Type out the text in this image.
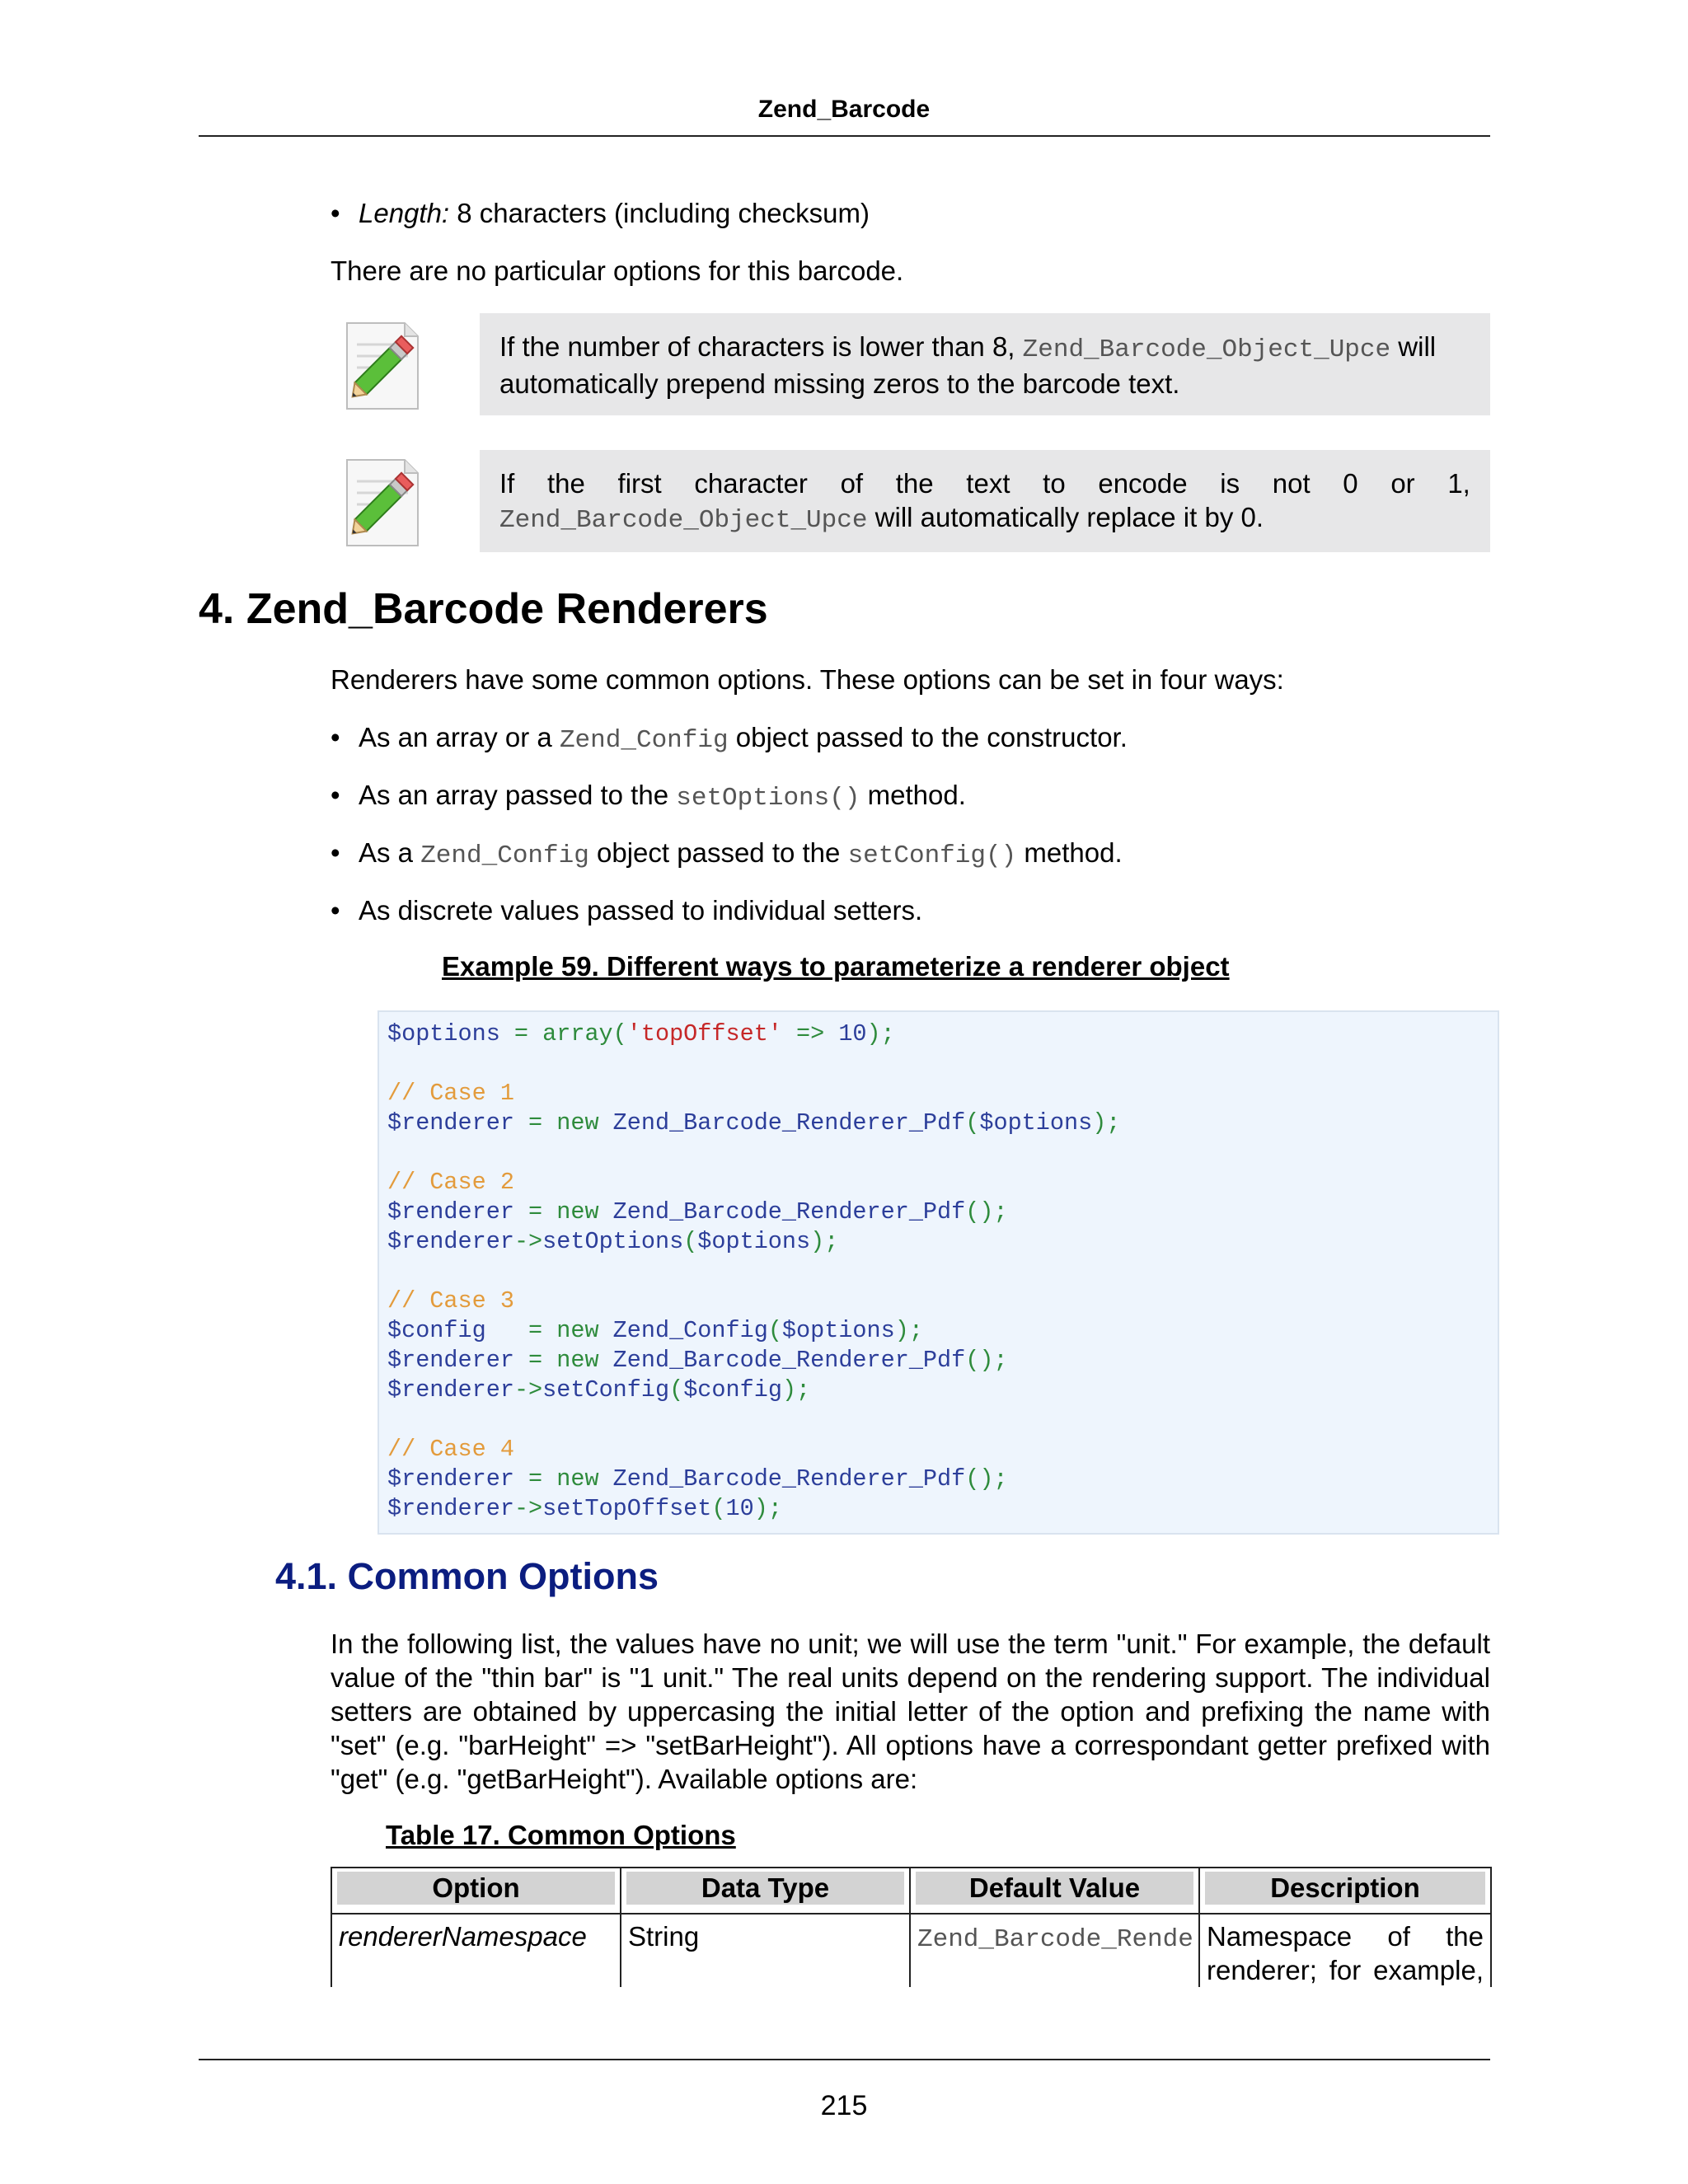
Zend_Barcode
• Length: 8 characters (including checksum)
There are no particular options for this barcode.
If the number of characters is lower than 8, Zend_Barcode_Object_Upce will
automatically prepend missing zeros to the barcode text.
If the first character of the text to encode is not 0 or 1,
Zend_Barcode_Object_Upce will automatically replace it by 0.
4. Zend_Barcode Renderers
Renderers have some common options. These options can be set in four ways:
• As an array or a Zend_Config object passed to the constructor.
• As an array passed to the setOptions() method.
• As a Zend_Config object passed to the setConfig() method.
• As discrete values passed to individual setters.
Example 59. Different ways to parameterize a renderer object
$options = array('topOffset' => 10);
// Case 1
$renderer = new Zend_Barcode_Renderer_Pdf($options);
// Case 2
$renderer = new Zend_Barcode_Renderer_Pdf();
$renderer->setOptions($options);
// Case 3
$config   = new Zend_Config($options);
$renderer = new Zend_Barcode_Renderer_Pdf();
$renderer->setConfig($config);
// Case 4
$renderer = new Zend_Barcode_Renderer_Pdf();
$renderer->setTopOffset(10);
4.1. Common Options
In the following list, the values have no unit; we will use the term "unit." For example, the default
value of the "thin bar" is "1 unit." The real units depend on the rendering support. The individual
setters are obtained by uppercasing the initial letter of the option and prefixing the name with
"set" (e.g. "barHeight" => "setBarHeight"). All options have a correspondant getter prefixed with
"get" (e.g. "getBarHeight"). Available options are:
Table 17. Common Options
Option	Data Type	Default Value	Description

rendererNamespace	String	Zend_Barcode_Rende	Namespace of the
renderer; for example,
215
